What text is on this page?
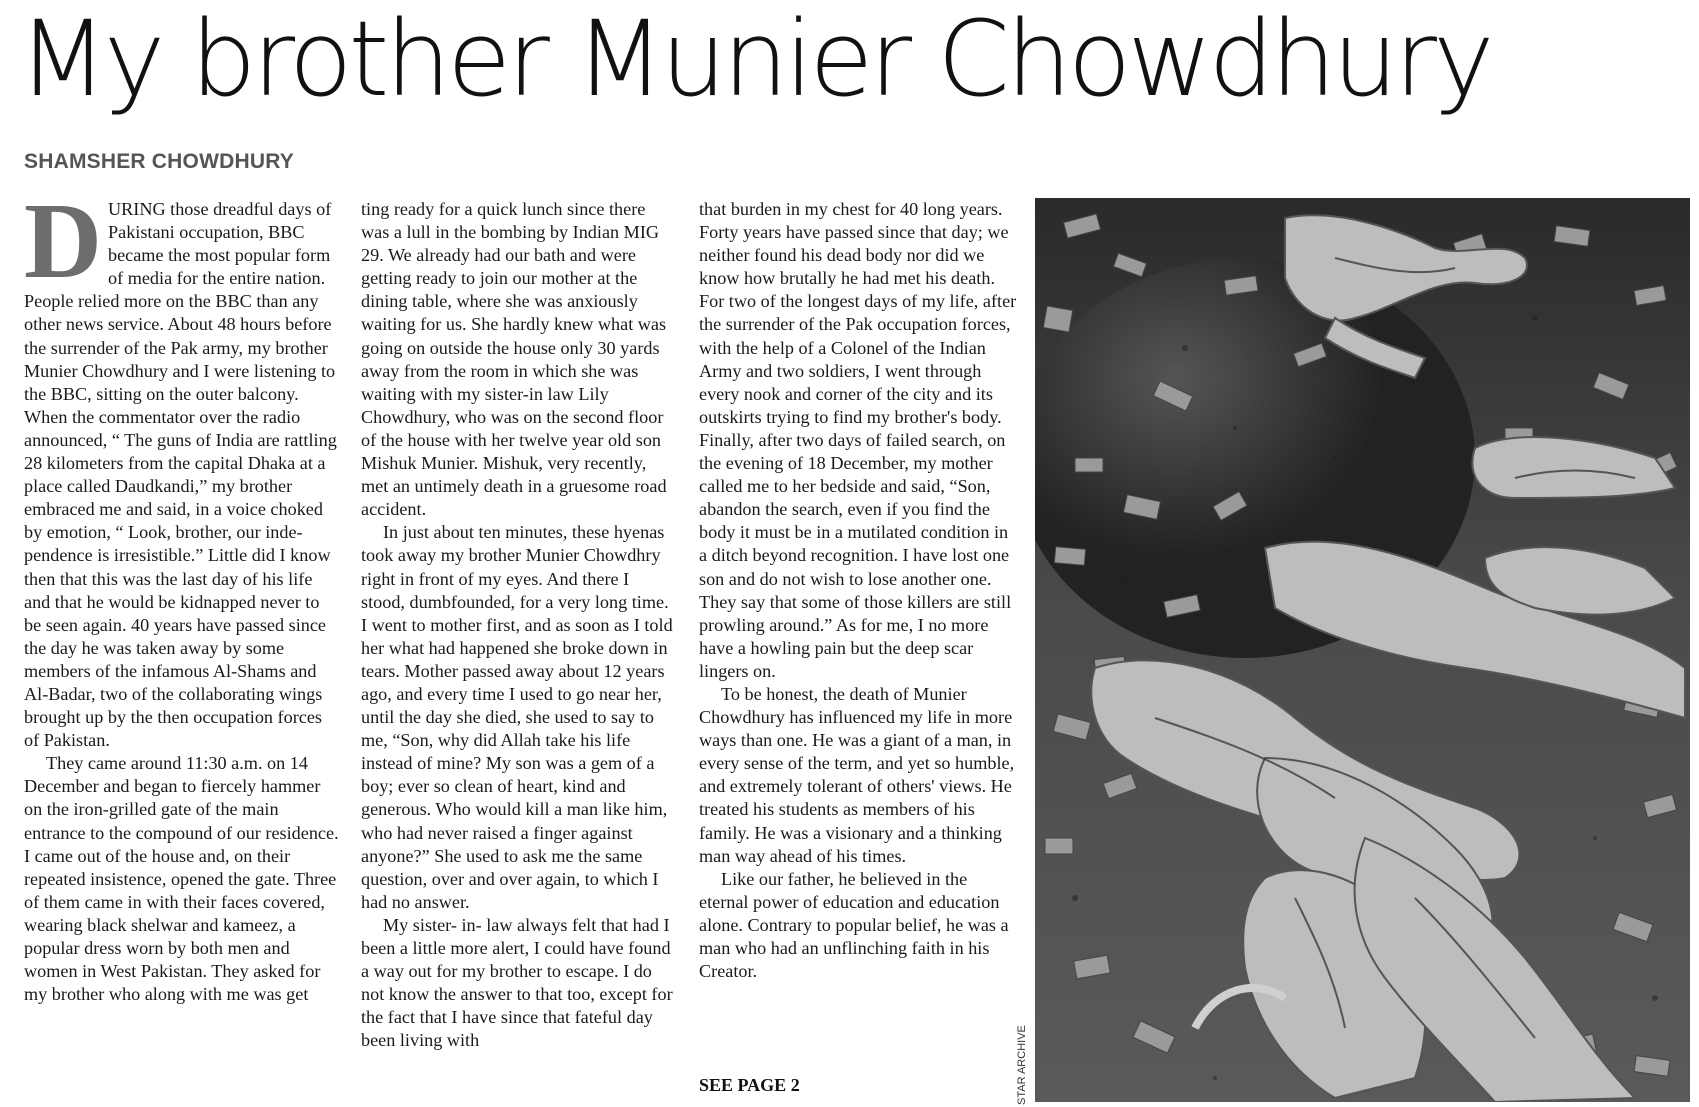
My brother Munier Chowdhury
SHAMSHER CHOWDHURY
D URING those dreadful days of Pakistani occupation, BBC became the most popular form of media for the entire nation. People relied more on the BBC than any other news service. About 48 hours before the surrender of the Pak army, my brother Munier Chowdhury and I were listening to the BBC, sitting on the outer balcony. When the commentator over the radio announced, “ The guns of India are rattling 28 kilometers from the capital Dhaka at a place called Daudkandi,” my brother embraced me and said, in a voice choked by emotion, “ Look, brother, our independence is irresistible.” Little did I know then that this was the last day of his life and that he would be kidnapped never to be seen again. 40 years have passed since the day he was taken away by some members of the infamous Al-Shams and Al-Badar, two of the collaborating wings brought up by the then occupation forces of Pakistan.

They came around 11:30 a.m. on 14 December and began to fiercely hammer on the iron-grilled gate of the main entrance to the compound of our residence. I came out of the house and, on their repeated insistence, opened the gate. Three of them came in with their faces covered, wearing black shelwar and kameez, a popular dress worn by both men and women in West Pakistan. They asked for my brother who along with me was get

ting ready for a quick lunch since there was a lull in the bombing by Indian MIG 29. We already had our bath and were getting ready to join our mother at the dining table, where she was anxiously waiting for us. She hardly knew what was going on outside the house only 30 yards away from the room in which she was waiting with my sister-in law Lily Chowdhury, who was on the second floor of the house with her twelve year old son Mishuk Munier. Mishuk, very recently, met an untimely death in a gruesome road accident.

In just about ten minutes, these hyenas took away my brother Munier Chowdhry right in front of my eyes. And there I stood, dumbfounded, for a very long time. I went to mother first, and as soon as I told her what had happened she broke down in tears. Mother passed away about 12 years ago, and every time I used to go near her, until the day she died, she used to say to me, “Son, why did Allah take his life instead of mine? My son was a gem of a boy; ever so clean of heart, kind and generous. Who would kill a man like him, who had never raised a finger against anyone?” She used to ask me the same question, over and over again, to which I had no answer.

My sister- in- law always felt that had I been a little more alert, I could have found a way out for my brother to escape. I do not know the answer to that too, except for the fact that I have since that fateful day been living with

that burden in my chest for 40 long years. Forty years have passed since that day; we neither found his dead body nor did we know how brutally he had met his death. For two of the longest days of my life, after the surrender of the Pak occupation forces, with the help of a Colonel of the Indian Army and two soldiers, I went through every nook and corner of the city and its outskirts trying to find my brother's body. Finally, after two days of failed search, on the evening of 18 December, my mother called me to her bedside and said, “Son, abandon the search, even if you find the body it must be in a mutilated condition in a ditch beyond recognition. I have lost one son and do not wish to lose another one. They say that some of those killers are still prowling around.” As for me, I no more have a howling pain but the deep scar lingers on.

To be honest, the death of Munier Chowdhury has influenced my life in more ways than one. He was a giant of a man, in every sense of the term, and yet so humble, and extremely tolerant of others' views. He treated his students as members of his family. He was a visionary and a thinking man way ahead of his times.

Like our father, he believed in the eternal power of education and education alone. Contrary to popular belief, he was a man who had an unflinching faith in his Creator.

SEE PAGE 2	STAR ARCHIVE
